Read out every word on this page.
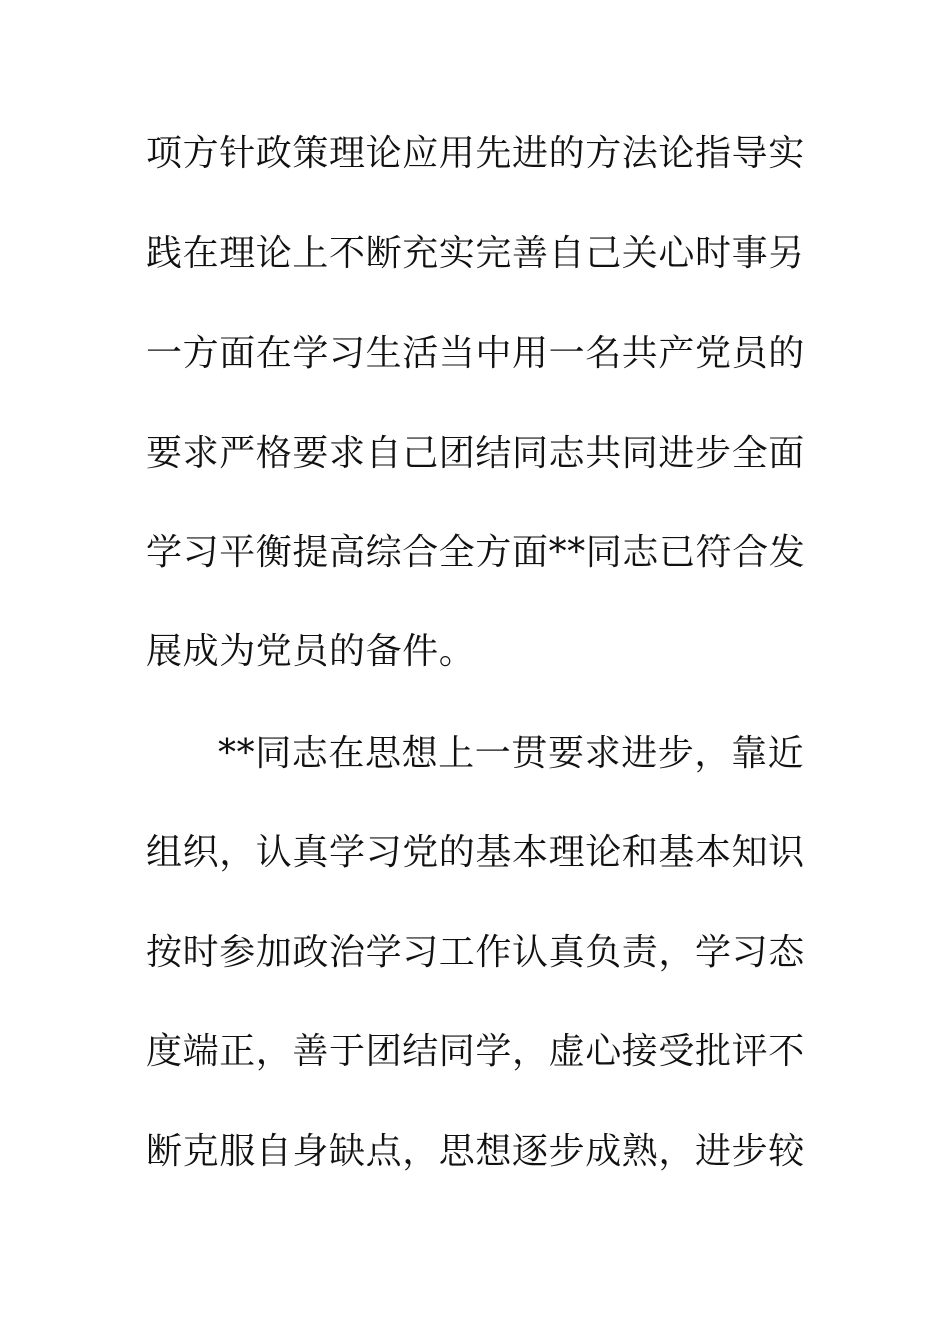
项方针政策理论应用先进的方法论指导实
践在理论上不断充实完善自己关心时事另
一方面在学习生活当中用一名共产党员的
要求严格要求自己团结同志共同进步全面
学习平衡提高综合全方面**同志已符合发
展成为党员的备件。
**同志在思想上一贯要求进步，靠近
组织，认真学习党的基本理论和基本知识
按时参加政治学习工作认真负责，学习态
度端正，善于团结同学，虚心接受批评不
断克服自身缺点，思想逐步成熟，进步较
